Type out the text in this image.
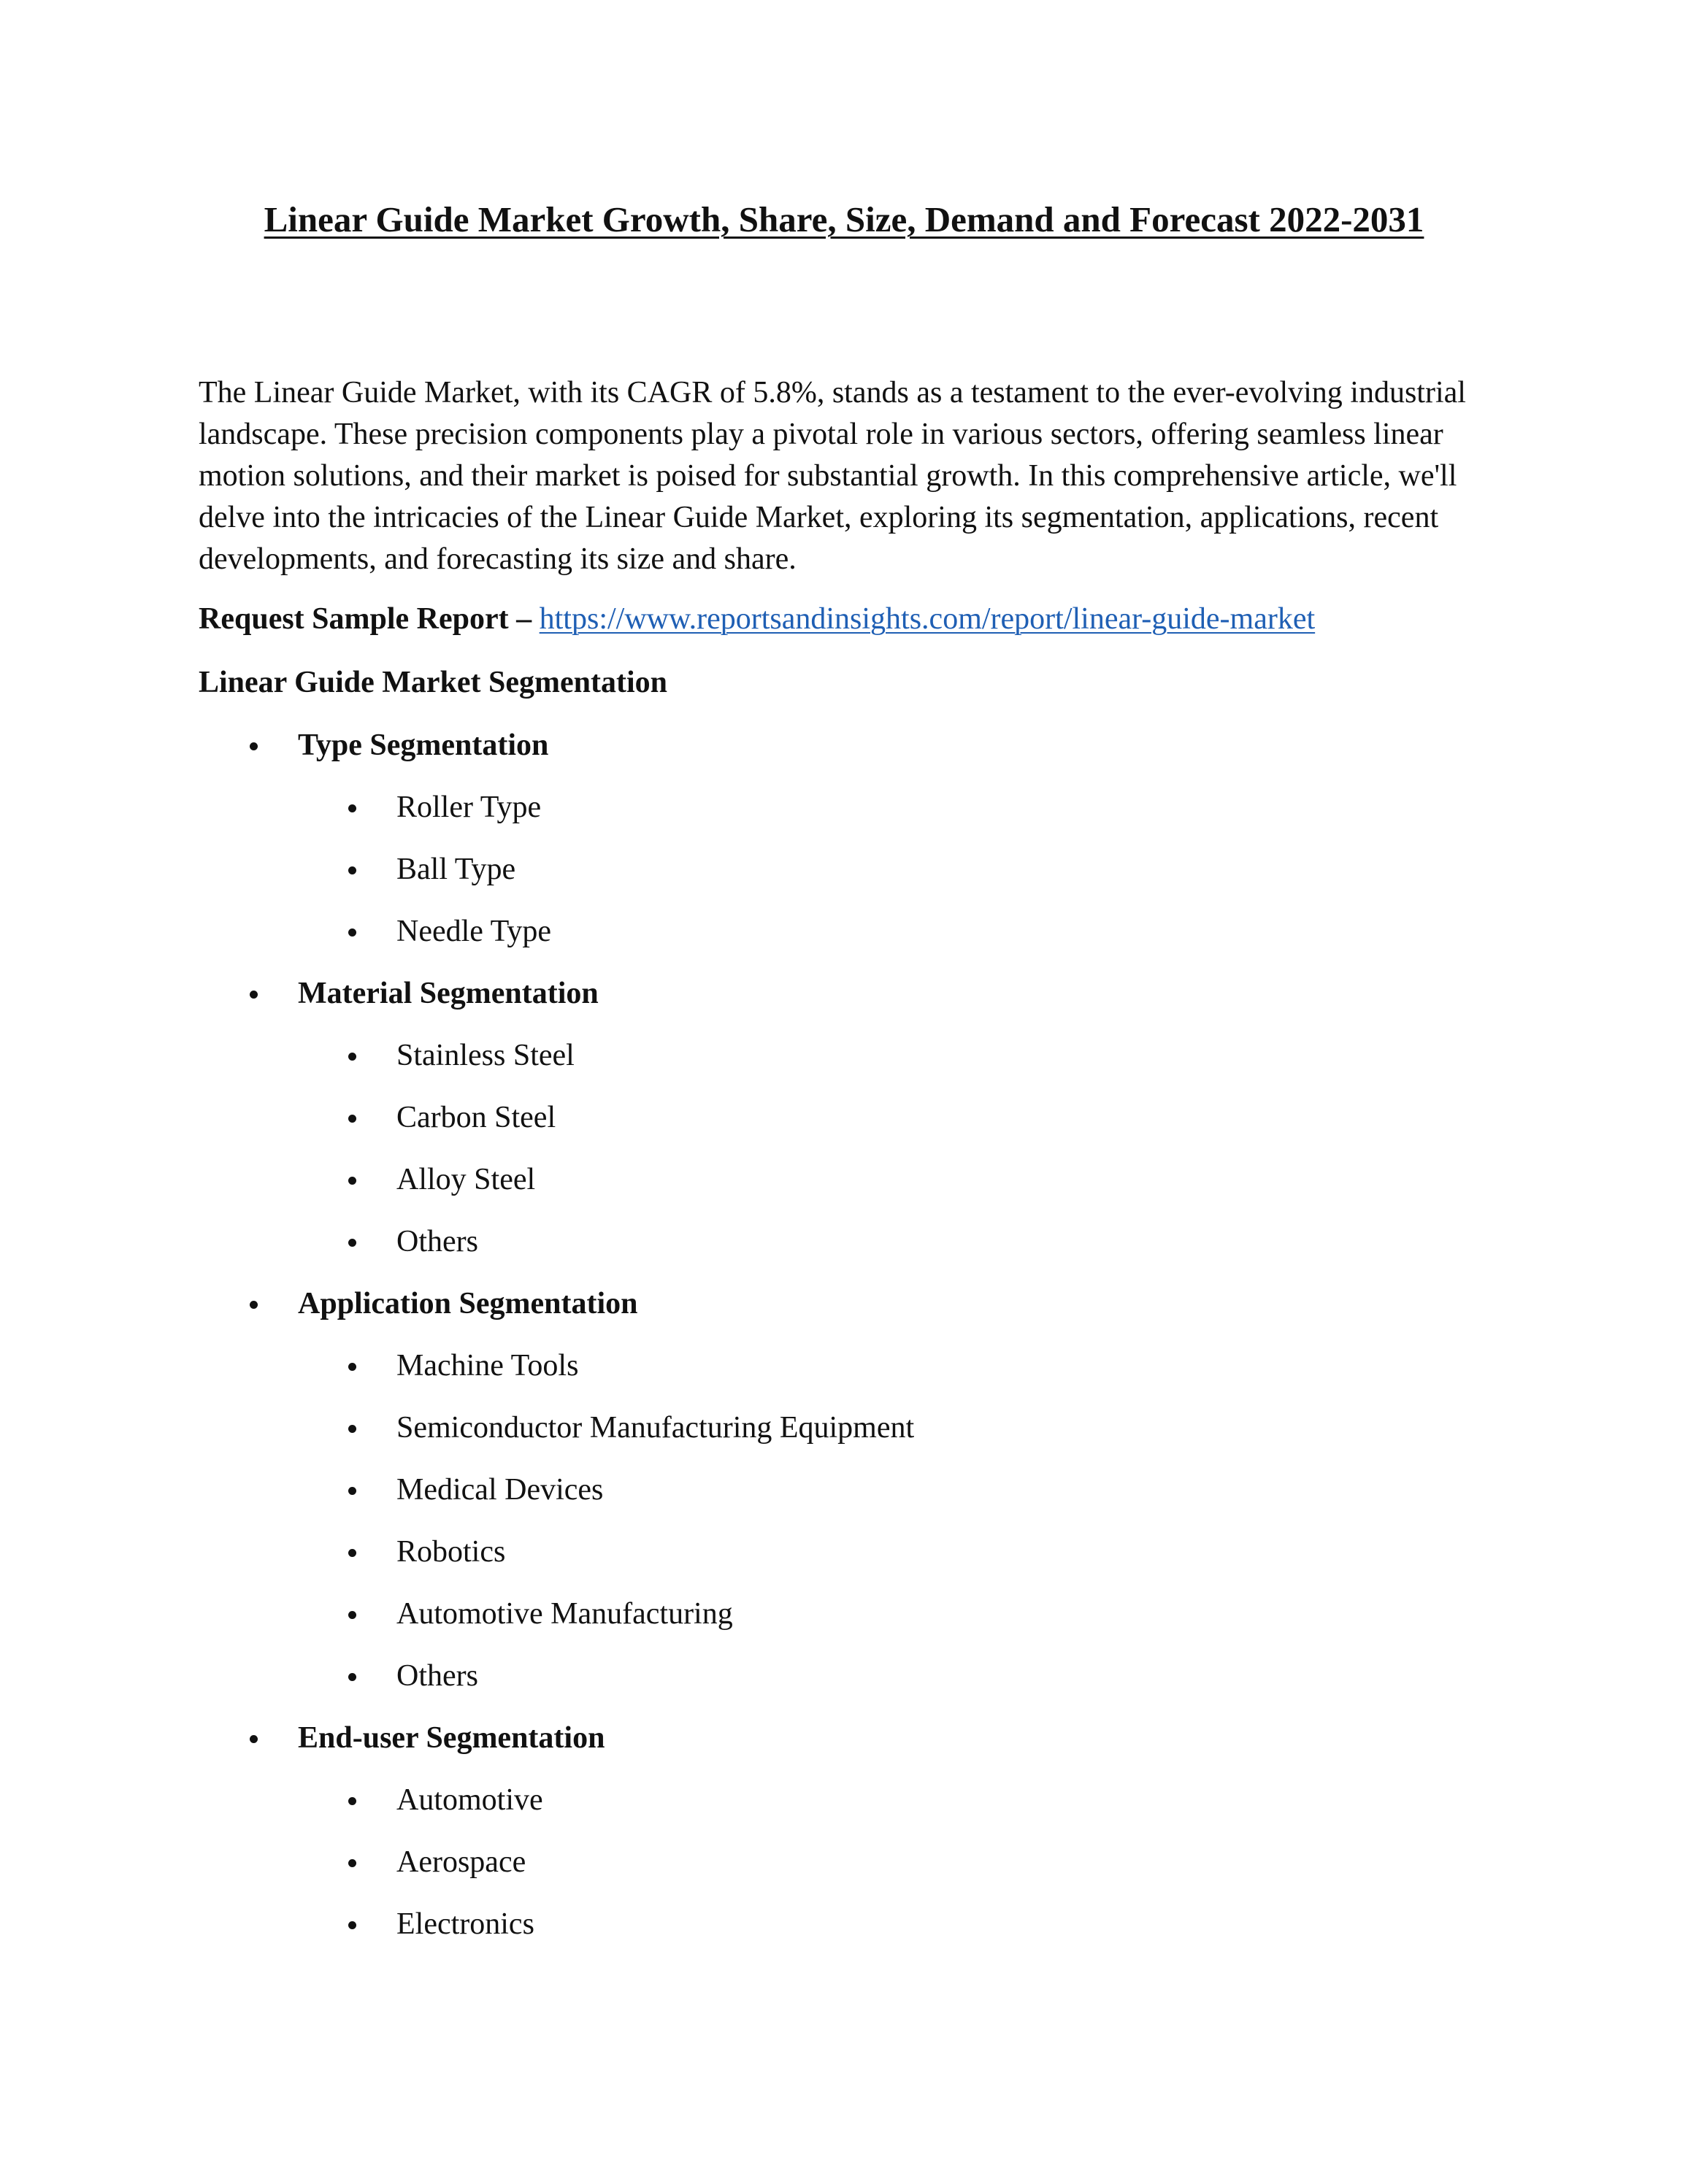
Linear Guide Market Growth, Share, Size, Demand and Forecast 2022-2031

The Linear Guide Market, with its CAGR of 5.8%, stands as a testament to the ever-evolving industrial landscape. These precision components play a pivotal role in various sectors, offering seamless linear motion solutions, and their market is poised for substantial growth. In this comprehensive article, we'll delve into the intricacies of the Linear Guide Market, exploring its segmentation, applications, recent developments, and forecasting its size and share.

Request Sample Report – https://www.reportsandinsights.com/report/linear-guide-market

Linear Guide Market Segmentation

Type Segmentation
Roller Type
Ball Type
Needle Type
Material Segmentation
Stainless Steel
Carbon Steel
Alloy Steel
Others
Application Segmentation
Machine Tools
Semiconductor Manufacturing Equipment
Medical Devices
Robotics
Automotive Manufacturing
Others
End-user Segmentation
Automotive
Aerospace
Electronics
